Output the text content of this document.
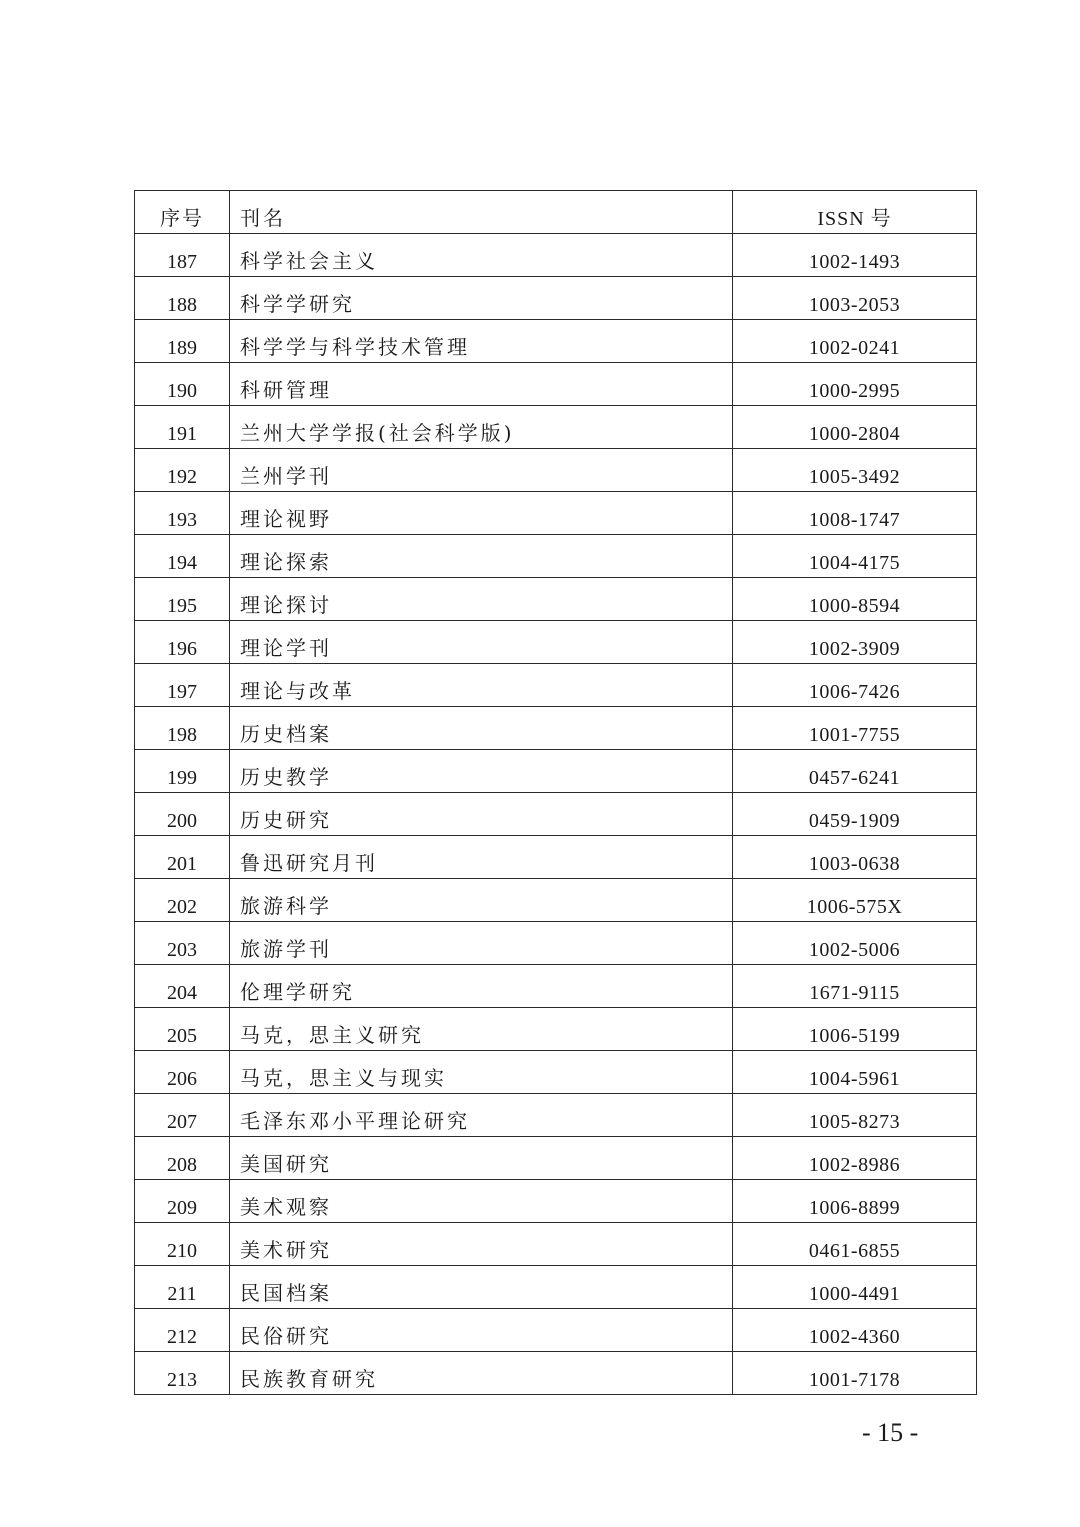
序号	刊名	ISSN 号
187	科学社会主义	1002-1493
188	科学学研究	1003-2053
189	科学学与科学技术管理	1002-0241
190	科研管理	1000-2995
191	兰州大学学报(社会科学版)	1000-2804
192	兰州学刊	1005-3492
193	理论视野	1008-1747
194	理论探索	1004-4175
195	理论探讨	1000-8594
196	理论学刊	1002-3909
197	理论与改革	1006-7426
198	历史档案	1001-7755
199	历史教学	0457-6241
200	历史研究	0459-1909
201	鲁迅研究月刊	1003-0638
202	旅游科学	1006-575X
203	旅游学刊	1002-5006
204	伦理学研究	1671-9115
205	马克，思主义研究	1006-5199
206	马克，思主义与现实	1004-5961
207	毛泽东邓小平理论研究	1005-8273
208	美国研究	1002-8986
209	美术观察	1006-8899
210	美术研究	0461-6855
211	民国档案	1000-4491
212	民俗研究	1002-4360
213	民族教育研究	1001-7178
- 15 -
